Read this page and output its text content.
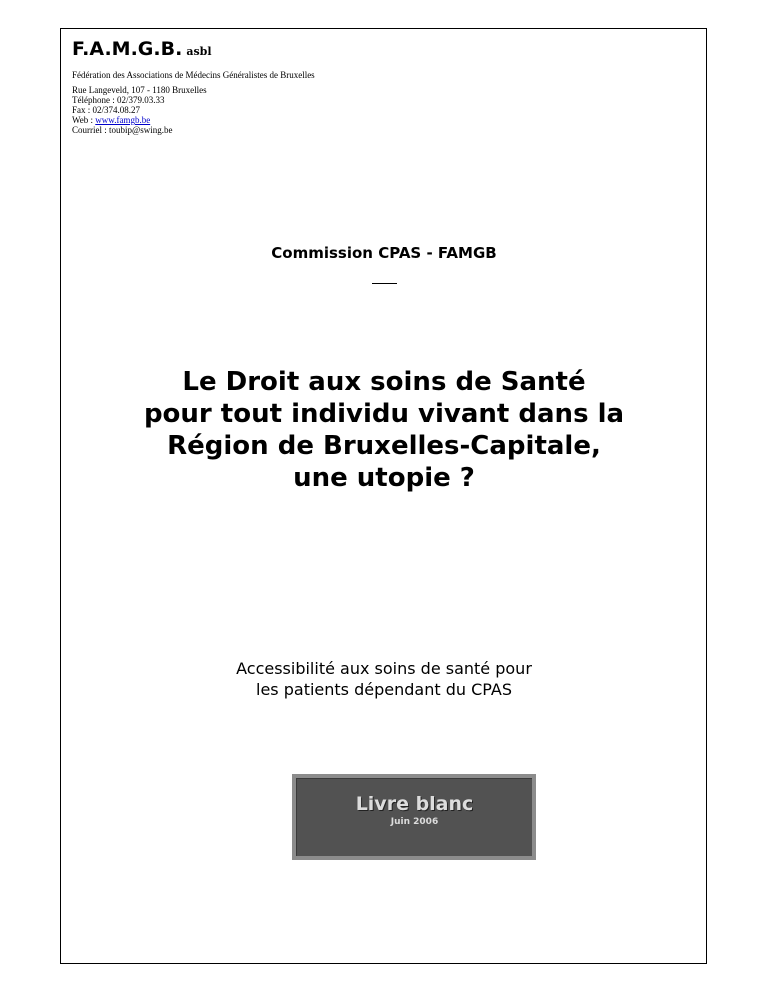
F.A.M.G.B. asbl
Fédération des Associations de Médecins Généralistes de Bruxelles
Rue Langeveld, 107 - 1180 Bruxelles
Téléphone : 02/379.03.33
Fax : 02/374.08.27
Web : www.famgb.be
Courriel : toubip@swing.be
Commission CPAS - FAMGB
Le Droit aux soins de Santé
pour tout individu vivant dans la
Région de Bruxelles-Capitale,
une utopie ?
Accessibilité aux soins de santé pour
les patients dépendant du CPAS
Livre blanc
Juin 2006
